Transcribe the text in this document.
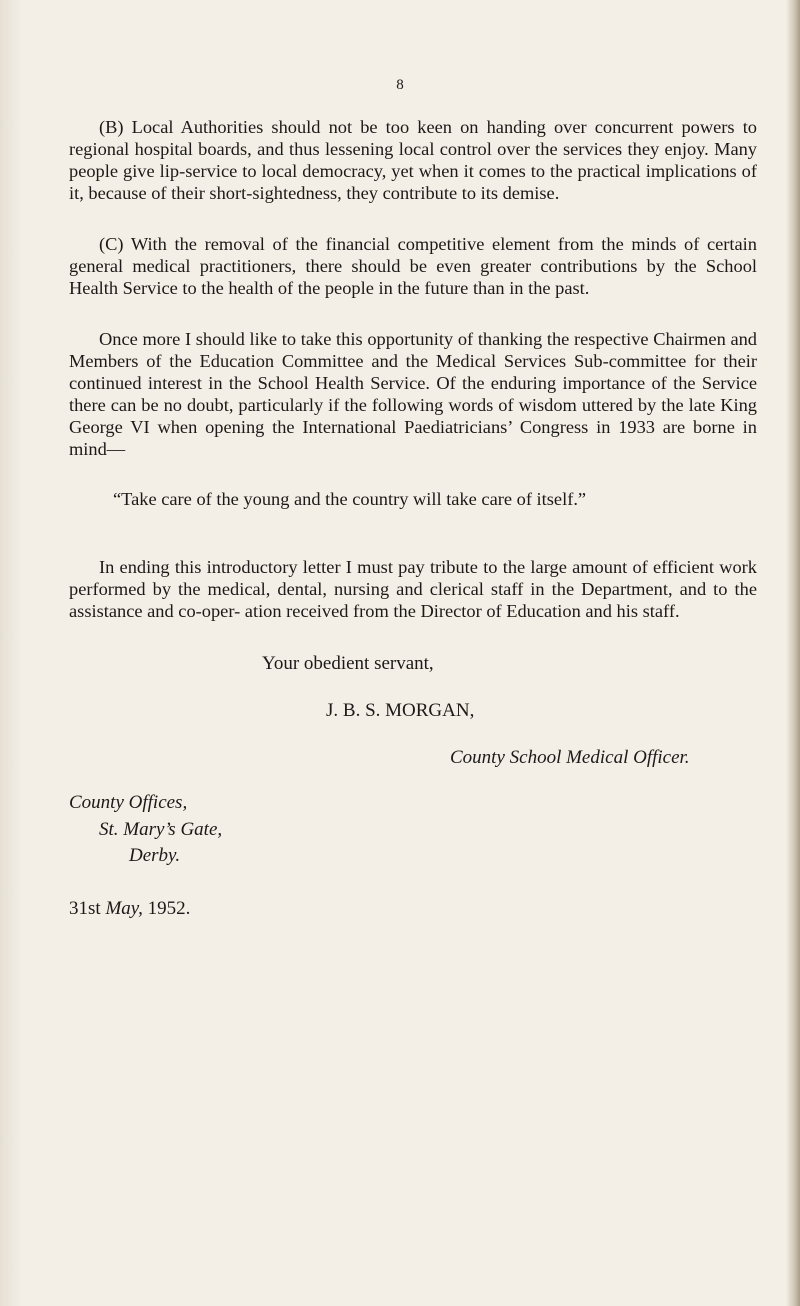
8

(B) Local Authorities should not be too keen on handing over concurrent powers to regional hospital boards, and thus lessening local control over the services they enjoy. Many people give lip-service to local democracy, yet when it comes to the practical implications of it, because of their short-sightedness, they contribute to its demise.

(C) With the removal of the financial competitive element from the minds of certain general medical practitioners, there should be even greater contributions by the School Health Service to the health of the people in the future than in the past.

Once more I should like to take this opportunity of thanking the respective Chairmen and Members of the Education Committee and the Medical Services Sub-committee for their continued interest in the School Health Service. Of the enduring importance of the Service there can be no doubt, particularly if the following words of wisdom uttered by the late King George VI when opening the International Paediatricians’ Congress in 1933 are borne in mind—

“Take care of the young and the country will take care of itself.”

In ending this introductory letter I must pay tribute to the large amount of efficient work performed by the medical, dental, nursing and clerical staff in the Department, and to the assistance and co-oper- ation received from the Director of Education and his staff.

Your obedient servant,

J. B. S. MORGAN,

County School Medical Officer.

County Offices,

St. Mary’s Gate,

Derby.

31st May, 1952.
